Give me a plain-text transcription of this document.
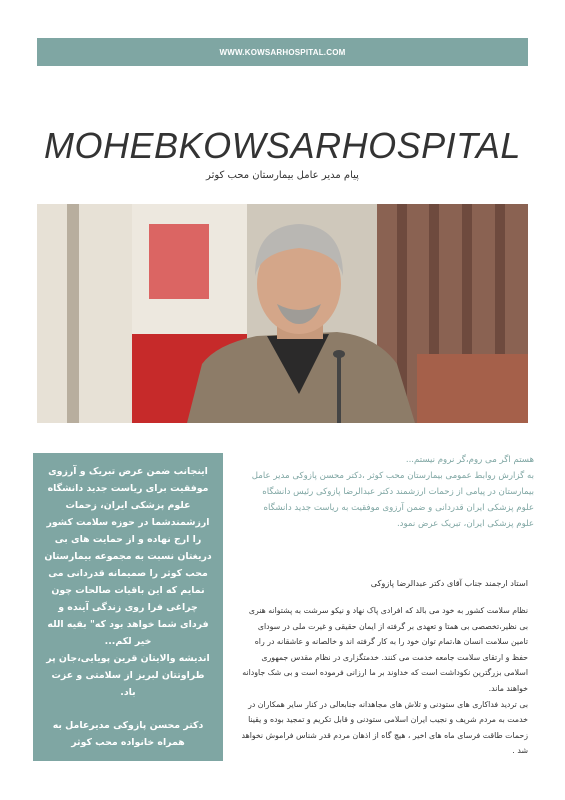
WWW.KOWSARHOSPITAL.COM
MOHEBKOWSARHOSPITAL
پیام مدیر عامل بیمارستان محب کوثر

اینجانب ضمن عرض تبریک و آرزوی موفقیت برای ریاست جدید دانشگاه علوم پزشکی ایران، زحمات ارزشمندشما در حوزه سلامت کشور را ارج نهاده و از حمایت های بی دریغتان نسبت به مجموعه بیمارستان محب کوثر را صمیمانه قدردانی می نمایم که این باقیات صالحات چون چراغی فرا روی زندگی آینده و فردای شما خواهد بود که" بقیه الله خیر لکم...

اندیشه والایتان قرین پویایی،جان پر طراوتتان لبریز از سلامتی و عزت باد.

دکتر محسن پازوکی مدیرعامل به همراه خانواده محب کوثر

هستم اگر می روم،گر نروم نیستم...

به گزارش روابط عمومی بیمارستان محب کوثر ،دکتر محسن پازوکی مدیر عامل بیمارستان در پیامی از زحمات ارزشمند دکتر عبدالرضا پازوکی رئیس دانشگاه علوم پزشکی ایران قدردانی و ضمن آرزوی موفقیت به ریاست جدید دانشگاه علوم پزشکی ایران، تبریک عرض نمود.

استاد ارجمند جناب آقای دکتر عبدالرضا پازوکی

نظام سلامت کشور به خود می بالد که افرادی پاک نهاد و نیکو سرشت به پشتوانه هنری بی نظیر،تخصصی بی همتا و تعهدی بر گرفته از ایمان حقیقی و غیرت ملی در سودای تامین سلامت انسان ها،تمام توان خود را به کار گرفته اند و خالصانه و عاشقانه در راه حفظ و ارتقای سلامت جامعه خدمت می کنند. خدمتگزاری در نظام مقدس جمهوری اسلامی بزرگترین نکوداشت است که خداوند بر ما ارزانی فرموده است و بی شک جاودانه خواهند ماند.

بی تردید فداکاری های ستودنی و تلاش های مجاهدانه جنابعالی در کنار سایر همکاران در خدمت به مردم شریف و نجیب ایران اسلامی ستودنی و قابل تکریم و تمجید بوده و یقینا زحمات طاقت فرسای ماه های اخیر ، هیچ گاه از اذهان مردم قدر شناس فراموش نخواهد شد .
